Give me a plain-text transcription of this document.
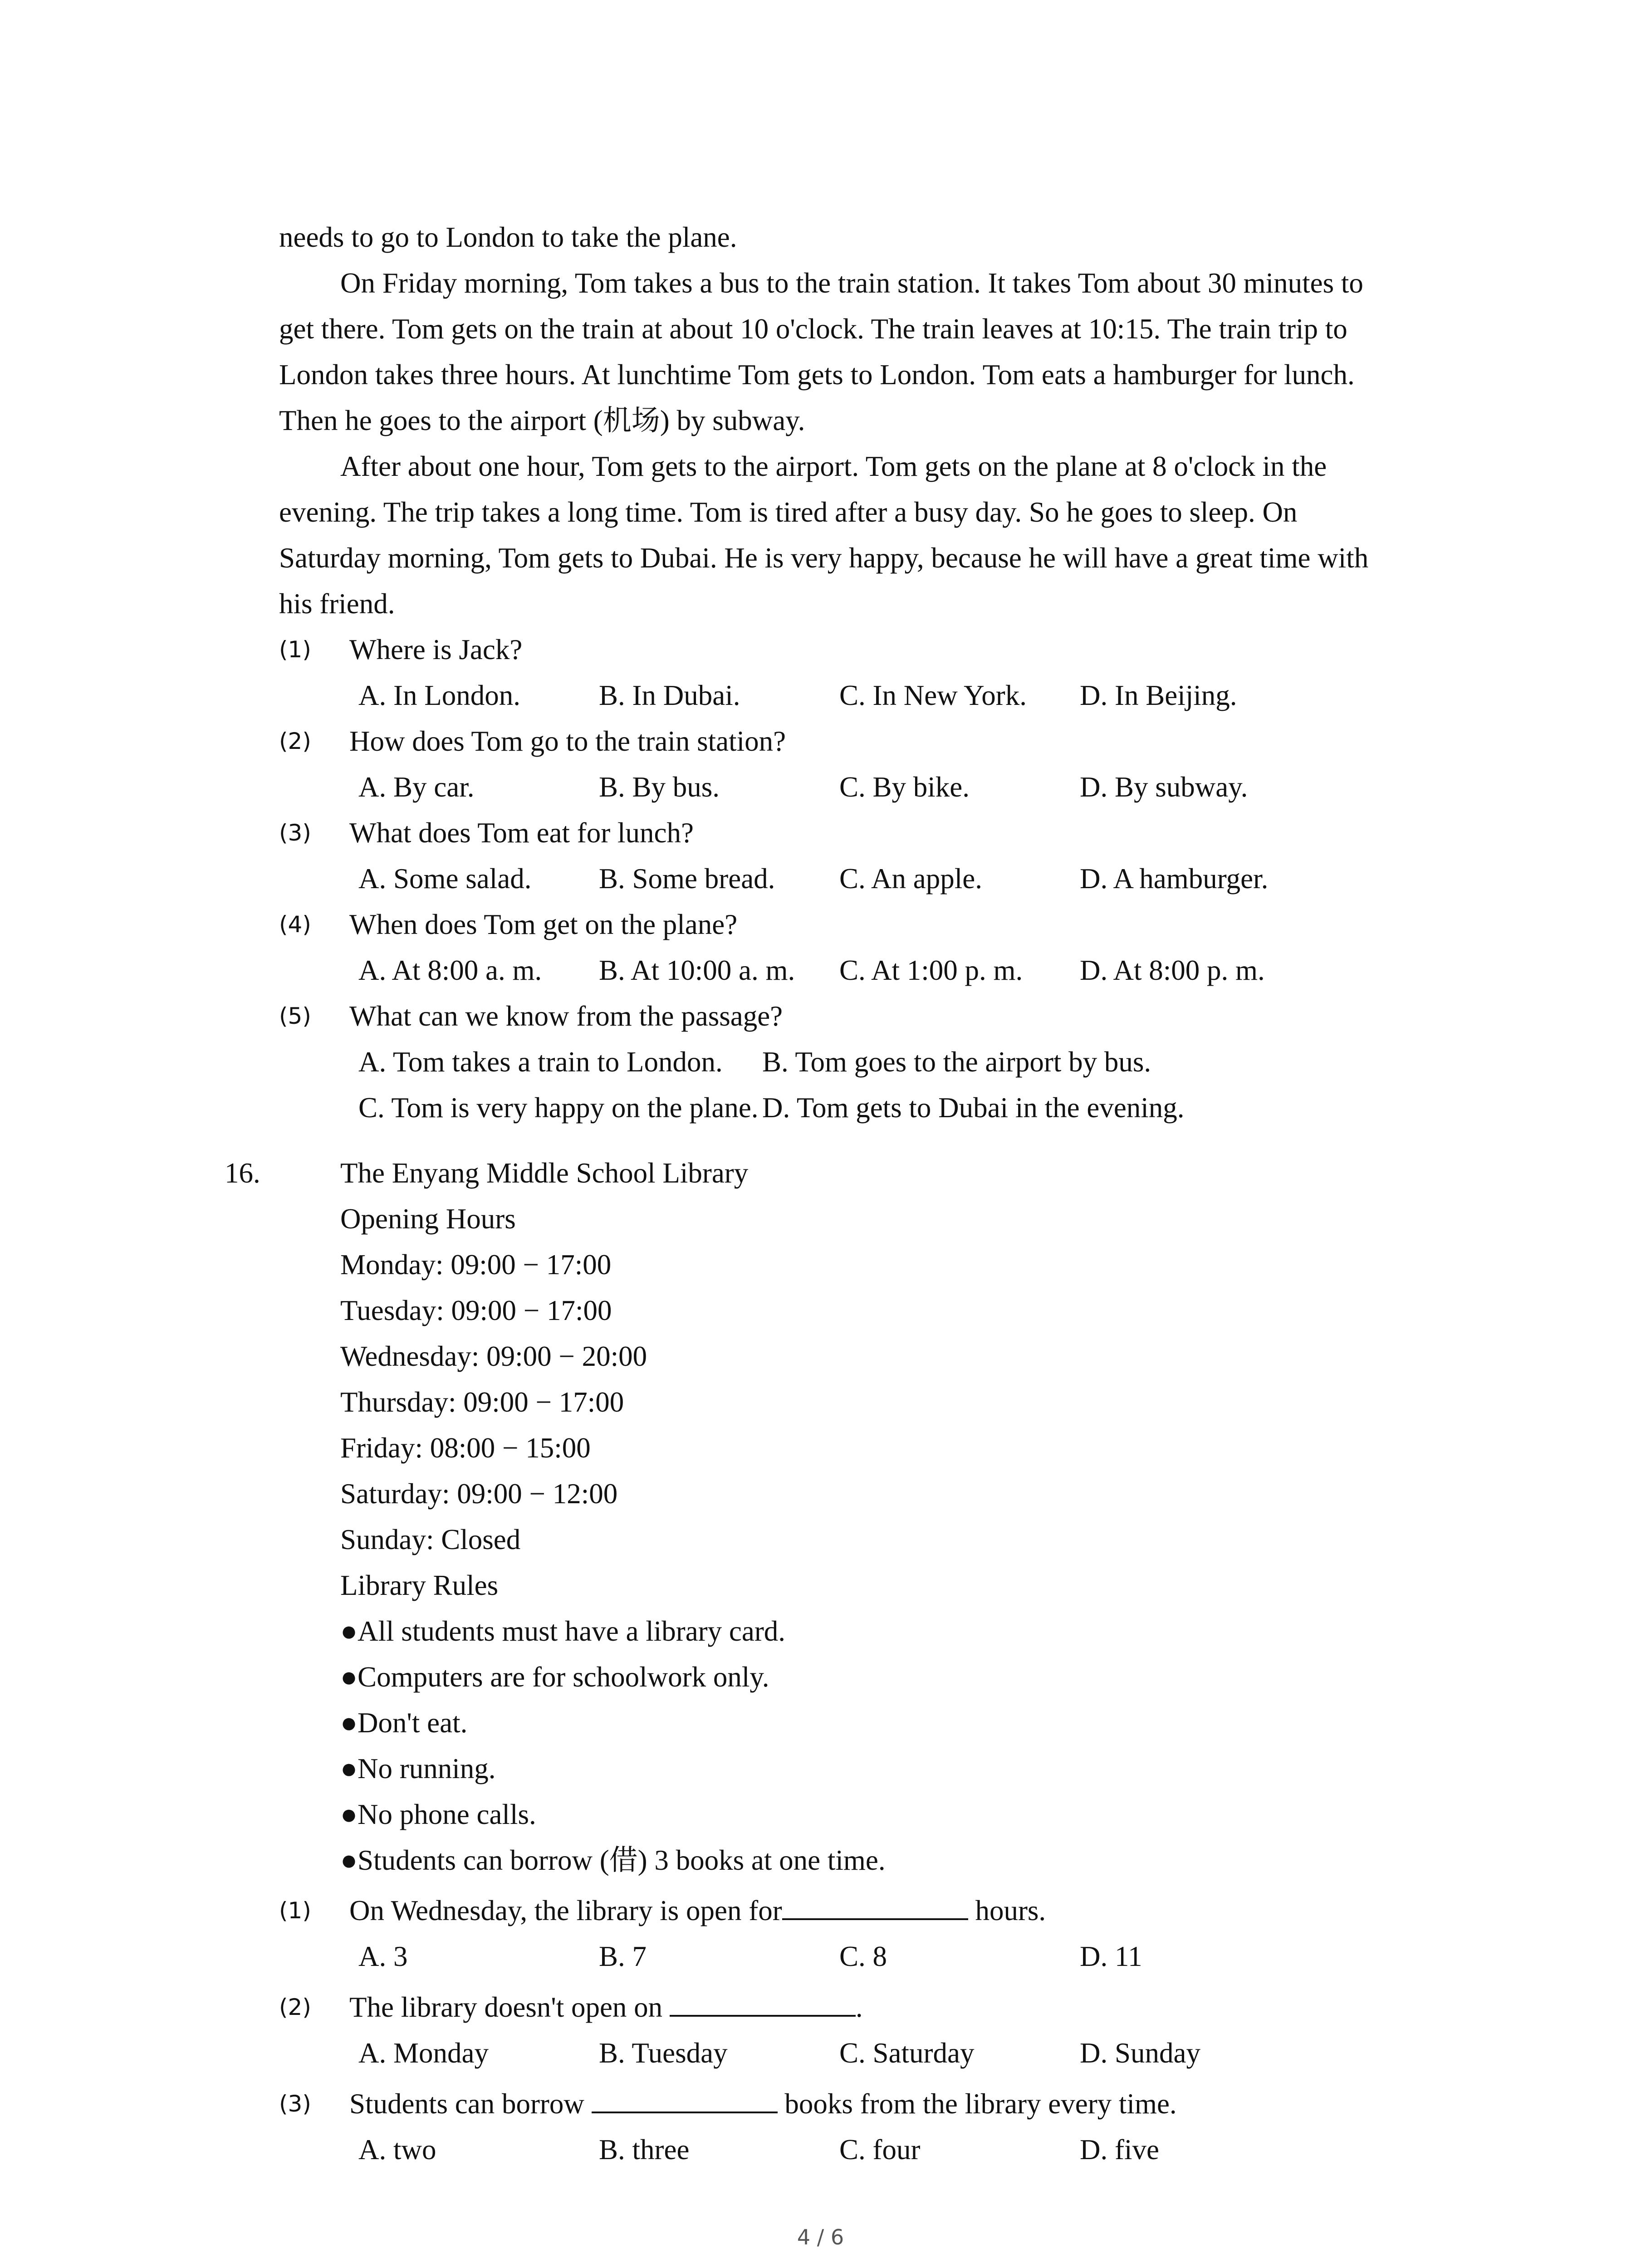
needs to go to London to take the plane.
On Friday morning, Tom takes a bus to the train station. It takes Tom about 30 minutes to
get there. Tom gets on the train at about 10 o'clock. The train leaves at 10:15. The train trip to
London takes three hours. At lunchtime Tom gets to London. Tom eats a hamburger for lunch.
Then he goes to the airport (机场) by subway.
After about one hour, Tom gets to the airport. Tom gets on the plane at 8 o'clock in the
evening. The trip takes a long time. Tom is tired after a busy day. So he goes to sleep. On
Saturday morning, Tom gets to Dubai. He is very happy, because he will have a great time with
his friend.
(1) Where is Jack?
A. In London.	B. In Dubai.	C. In New York. D. In Beijing.
(2) How does Tom go to the train station?
A. By car.	B. By bus.	C. By bike.	D. By subway.
(3) What does Tom eat for lunch?
A. Some salad. B. Some bread. C. An apple.	D. A hamburger.
(4) When does Tom get on the plane?
A. At 8:00 a. m. B. At 10:00 a. m. C. At 1:00 p. m. D. At 8:00 p. m.
(5) What can we know from the passage?
A. Tom takes a train to London. B. Tom goes to the airport by bus.
C. Tom is very happy on the plane. D. Tom gets to Dubai in the evening.
16.	The Enyang Middle School Library
Opening Hours
Monday: 09:00 − 17:00
Tuesday: 09:00 − 17:00
Wednesday: 09:00 − 20:00
Thursday: 09:00 − 17:00
Friday: 08:00 − 15:00
Saturday: 09:00 − 12:00
Sunday: Closed
Library Rules
●All students must have a library card.
●Computers are for schoolwork only.
●Don't eat.
●No running.
●No phone calls.
●Students can borrow (借) 3 books at one time.
(1) On Wednesday, the library is open for	hours.
A. 3	B. 7	C. 8	D. 11
(2) The library doesn't open on	.
A. Monday	B. Tuesday	C. Saturday	D. Sunday
(3) Students can borrow	books from the library every time.
A. two	B. three	C. four	D. five
4 / 6
